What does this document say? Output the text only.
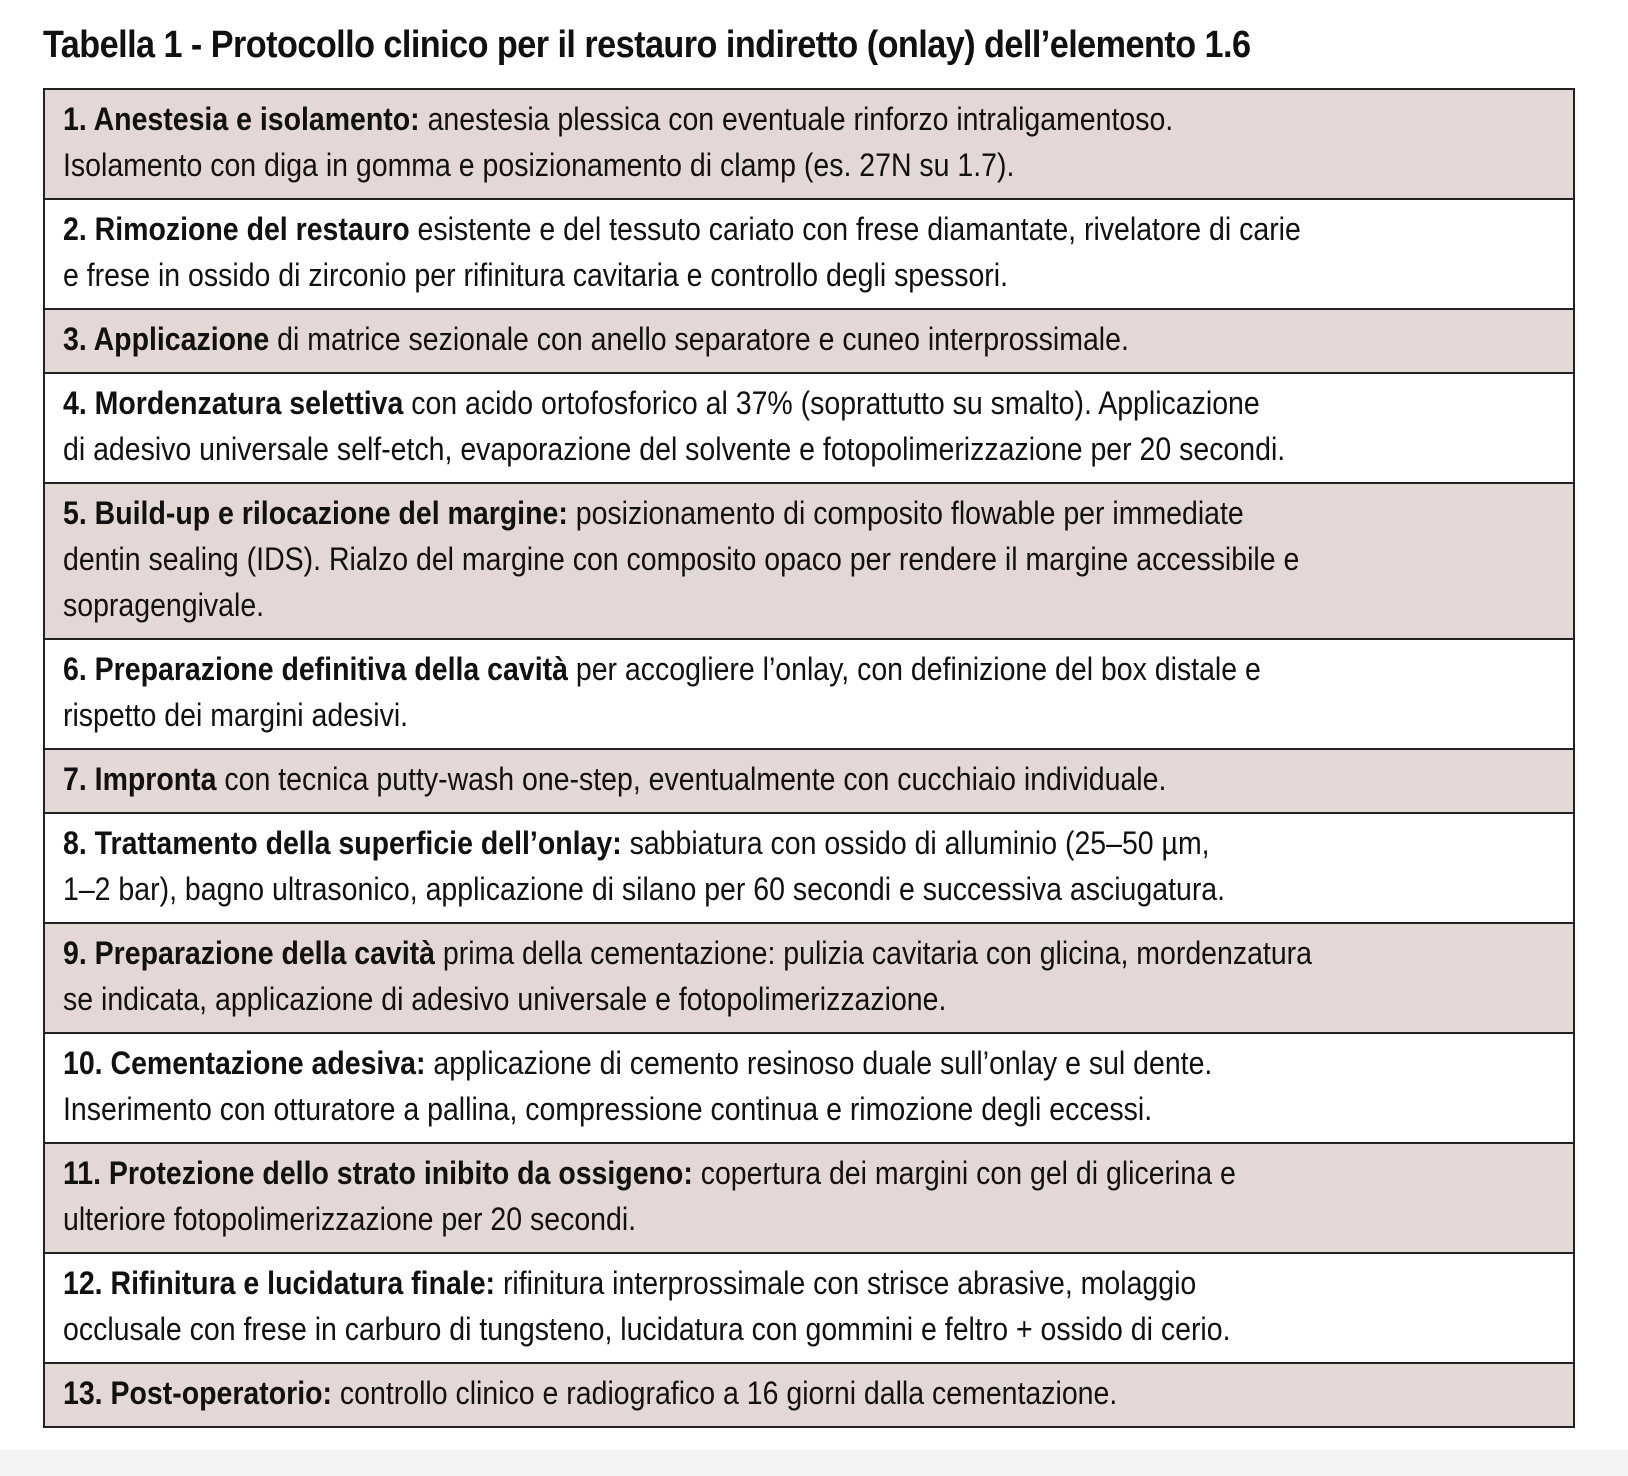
Tabella 1 - Protocollo clinico per il restauro indiretto (onlay) dell’elemento 1.6
1. Anestesia e isolamento: anestesia plessica con eventuale rinforzo intraligamentoso.
Isolamento con diga in gomma e posizionamento di clamp (es. 27N su 1.7).
2. Rimozione del restauro esistente e del tessuto cariato con frese diamantate, rivelatore di carie
e frese in ossido di zirconio per rifinitura cavitaria e controllo degli spessori.
3. Applicazione di matrice sezionale con anello separatore e cuneo interprossimale.
4. Mordenzatura selettiva con acido ortofosforico al 37% (soprattutto su smalto). Applicazione
di adesivo universale self-etch, evaporazione del solvente e fotopolimerizzazione per 20 secondi.
5. Build-up e rilocazione del margine: posizionamento di composito flowable per immediate
dentin sealing (IDS). Rialzo del margine con composito opaco per rendere il margine accessibile e
sopragengivale.
6. Preparazione definitiva della cavità per accogliere l’onlay, con definizione del box distale e
rispetto dei margini adesivi.
7. Impronta con tecnica putty-wash one-step, eventualmente con cucchiaio individuale.
8. Trattamento della superficie dell’onlay: sabbiatura con ossido di alluminio (25–50 µm,
1–2 bar), bagno ultrasonico, applicazione di silano per 60 secondi e successiva asciugatura.
9. Preparazione della cavità prima della cementazione: pulizia cavitaria con glicina, mordenzatura
se indicata, applicazione di adesivo universale e fotopolimerizzazione.
10. Cementazione adesiva: applicazione di cemento resinoso duale sull’onlay e sul dente.
Inserimento con otturatore a pallina, compressione continua e rimozione degli eccessi.
11. Protezione dello strato inibito da ossigeno: copertura dei margini con gel di glicerina e
ulteriore fotopolimerizzazione per 20 secondi.
12. Rifinitura e lucidatura finale: rifinitura interprossimale con strisce abrasive, molaggio
occlusale con frese in carburo di tungsteno, lucidatura con gommini e feltro + ossido di cerio.
13. Post-operatorio: controllo clinico e radiografico a 16 giorni dalla cementazione.
